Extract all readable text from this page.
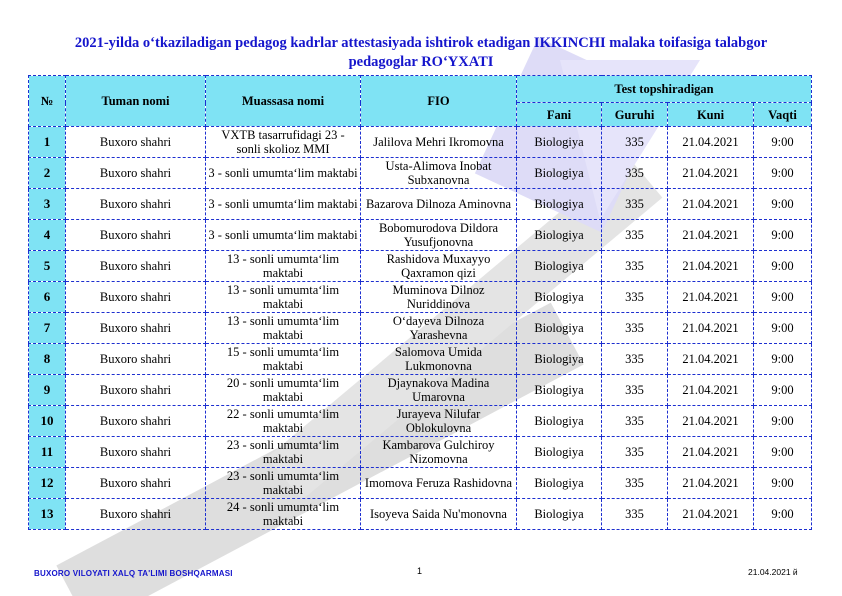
2021-yilda o‘tkaziladigan pedagog kadrlar attestasiyada ishtirok etadigan IKKINCHI malaka toifasiga talabgor
pedagoglar RO‘YXATI
№	Tuman nomi	Muassasa nomi	FIO	Test topshiradigan			
				Fani	Guruhi	Kuni	Vaqti
1	Buxoro shahri	VXTB tasarrufidagi 23 - sonli skolioz MMI	Jalilova Mehri Ikromovna	Biologiya	335	21.04.2021	9:00
2	Buxoro shahri	3 - sonli umumta‘lim maktabi	Usta-Alimova Inobat Subxanovna	Biologiya	335	21.04.2021	9:00
3	Buxoro shahri	3 - sonli umumta‘lim maktabi	Bazarova Dilnoza Aminovna	Biologiya	335	21.04.2021	9:00
4	Buxoro shahri	3 - sonli umumta‘lim maktabi	Bobomurodova Dildora Yusufjonovna	Biologiya	335	21.04.2021	9:00
5	Buxoro shahri	13 - sonli umumta‘lim maktabi	Rashidova Muxayyo Qaxramon qizi	Biologiya	335	21.04.2021	9:00
6	Buxoro shahri	13 - sonli umumta‘lim maktabi	Muminova Dilnoz Nuriddinova	Biologiya	335	21.04.2021	9:00
7	Buxoro shahri	13 - sonli umumta‘lim maktabi	O‘dayeva Dilnoza Yarashevna	Biologiya	335	21.04.2021	9:00
8	Buxoro shahri	15 - sonli umumta‘lim maktabi	Salomova Umida Lukmonovna	Biologiya	335	21.04.2021	9:00
9	Buxoro shahri	20 - sonli umumta‘lim maktabi	Djaynakova Madina Umarovna	Biologiya	335	21.04.2021	9:00
10	Buxoro shahri	22 - sonli umumta‘lim maktabi	Jurayeva Nilufar Oblokulovna	Biologiya	335	21.04.2021	9:00
11	Buxoro shahri	23 - sonli umumta‘lim maktabi	Kambarova Gulchiroy Nizomovna	Biologiya	335	21.04.2021	9:00
12	Buxoro shahri	23 - sonli umumta‘lim maktabi	Imomova Feruza Rashidovna	Biologiya	335	21.04.2021	9:00
13	Buxoro shahri	24 - sonli umumta‘lim maktabi	Isoyeva Saida Nu'monovna	Biologiya	335	21.04.2021	9:00
BUXORO VILOYATI XALQ TA'LIMI BOSHQARMASI	1	21.04.2021 й
